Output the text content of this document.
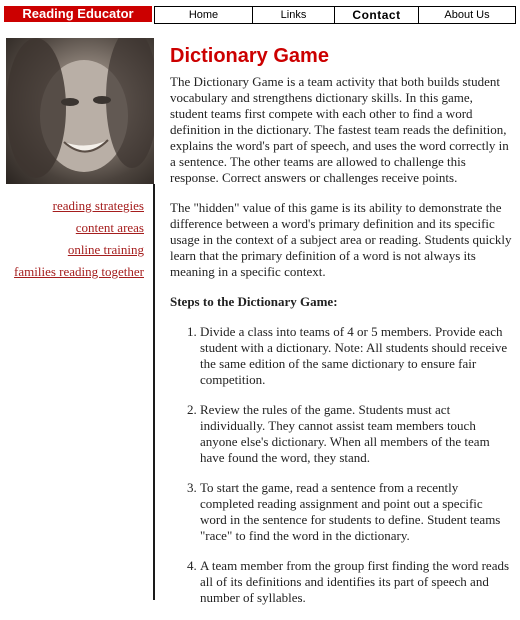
Reading Educator	Home	Links	Contact	About Us
reading strategies
content areas
online training
families reading together
Dictionary Game

The Dictionary Game is a team activity that both builds student vocabulary and strengthens dictionary skills. In this game, student teams first compete with each other to find a word definition in the dictionary. The fastest team reads the definition, explains the word's part of speech, and uses the word correctly in a sentence. The other teams are allowed to challenge this response. Correct answers or challenges receive points.

The "hidden" value of this game is its ability to demonstrate the difference between a word's primary definition and its specific usage in the context of a subject area or reading. Students quickly learn that the primary definition of a word is not always its meaning in a specific context.

Steps to the Dictionary Game:
1. Divide a class into teams of 4 or 5 members. Provide each student with a dictionary. Note: All students should receive the same edition of the same dictionary to ensure fair competition.
2. Review the rules of the game. Students must act individually. They cannot assist team members touch anyone else's dictionary. When all members of the team have found the word, they stand.
3. To start the game, read a sentence from a recently completed reading assignment and point out a specific word in the sentence for students to define. Student teams "race" to find the word in the dictionary.
4. A team member from the group first finding the word reads all of its definitions and identifies its part of speech and number of syllables.
